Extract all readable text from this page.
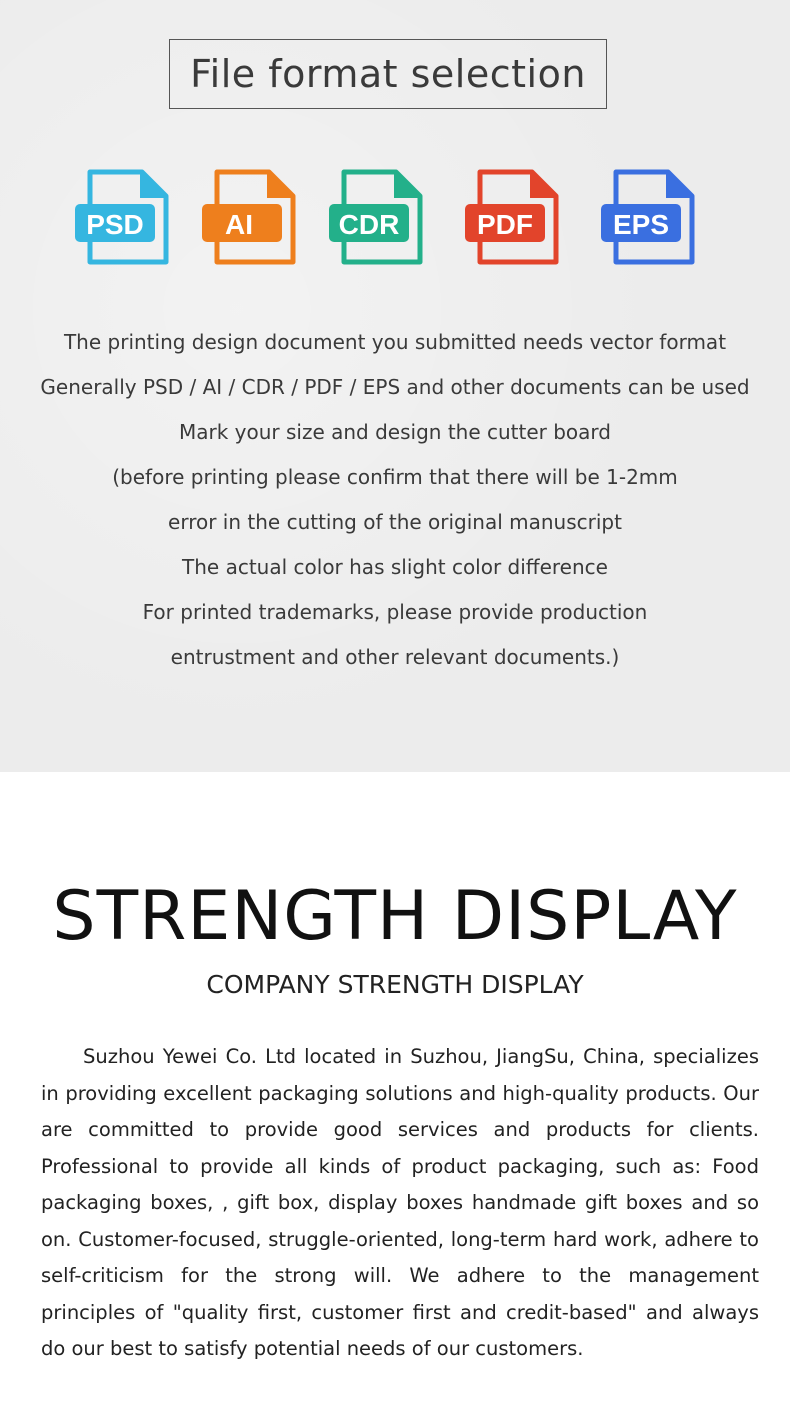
File format selection
PSD	AI	CDR	PDF	EPS
The printing design document you submitted needs vector format
Generally PSD / AI / CDR / PDF / EPS and other documents can be used
Mark your size and design the cutter board
(before printing please confirm that there will be 1-2mm
error in the cutting of the original manuscript
The actual color has slight color difference
For printed trademarks, please provide production
entrustment and other relevant documents.)
STRENGTH DISPLAY
COMPANY STRENGTH DISPLAY

Suzhou Yewei Co. Ltd located in Suzhou, JiangSu, China, specializes in providing excellent packaging solutions and high-quality products. Our are committed to provide good services and products for clients. Professional to provide all kinds of product packaging, such as: Food packaging boxes, , gift box, display boxes handmade gift boxes and so on. Customer-focused, struggle-oriented, long-term hard work, adhere to self-criticism for the strong will. We adhere to the management principles of "quality first, customer first and credit-based" and always do our best to satisfy potential needs of our customers.
